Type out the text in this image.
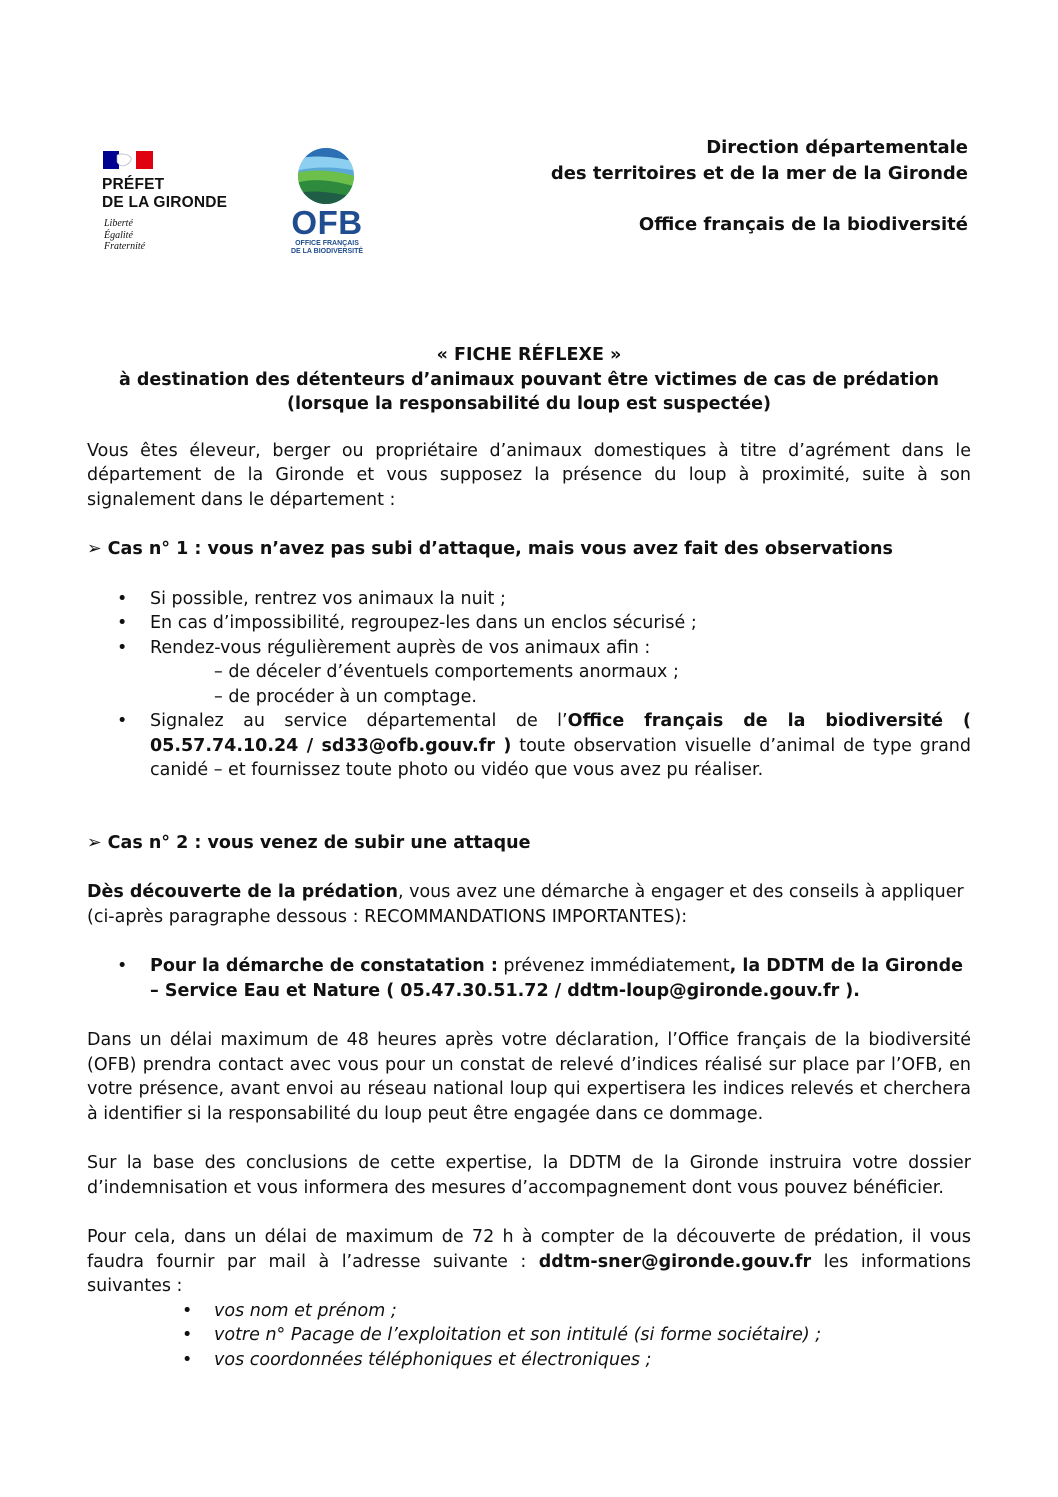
PRÉFET
DE LA GIRONDE
Liberté
Égalité
Fraternité
OFB
OFFICE FRANÇAIS
DE LA BIODIVERSITÉ
Direction départementale
des territoires et de la mer de la Gironde
Office français de la biodiversité
« FICHE RÉFLEXE »
à destination des détenteurs d’animaux pouvant être victimes de cas de prédation
(lorsque la responsabilité du loup est suspectée)

Vous êtes éleveur, berger ou propriétaire d’animaux domestiques à titre d’agrément dans le département de la Gironde et vous supposez la présence du loup à proximité, suite à son signalement dans le département :

➢ Cas n° 1 : vous n’avez pas subi d’attaque, mais vous avez fait des observations

• Si possible, rentrez vos animaux la nuit ;
• En cas d’impossibilité, regroupez-les dans un enclos sécurisé ;
• Rendez-vous régulièrement auprès de vos animaux afin :
– de déceler d’éventuels comportements anormaux ;
– de procéder à un comptage.
• Signalez au service départemental de l’Office français de la biodiversité ( 05.57.74.10.24 / sd33@ofb.gouv.fr ) toute observation visuelle d’animal de type grand canidé – et fournissez toute photo ou vidéo que vous avez pu réaliser.

➢ Cas n° 2 : vous venez de subir une attaque

Dès découverte de la prédation, vous avez une démarche à engager et des conseils à appliquer (ci-après paragraphe dessous : RECOMMANDATIONS IMPORTANTES):

• Pour la démarche de constatation : prévenez immédiatement, la DDTM de la Gironde – Service Eau et Nature ( 05.47.30.51.72 / ddtm-loup@gironde.gouv.fr ).

Dans un délai maximum de 48 heures après votre déclaration, l’Office français de la biodiversité (OFB) prendra contact avec vous pour un constat de relevé d’indices réalisé sur place par l’OFB, en votre présence, avant envoi au réseau national loup qui expertisera les indices relevés et cherchera à identifier si la responsabilité du loup peut être engagée dans ce dommage.

Sur la base des conclusions de cette expertise, la DDTM de la Gironde instruira votre dossier d’indemnisation et vous informera des mesures d’accompagnement dont vous pouvez bénéficier.

Pour cela, dans un délai de maximum de 72 h à compter de la découverte de prédation, il vous faudra fournir par mail à l’adresse suivante : ddtm-sner@gironde.gouv.fr les informations suivantes :

• vos nom et prénom ;
• votre n° Pacage de l’exploitation et son intitulé (si forme sociétaire) ;
• vos coordonnées téléphoniques et électroniques ;
